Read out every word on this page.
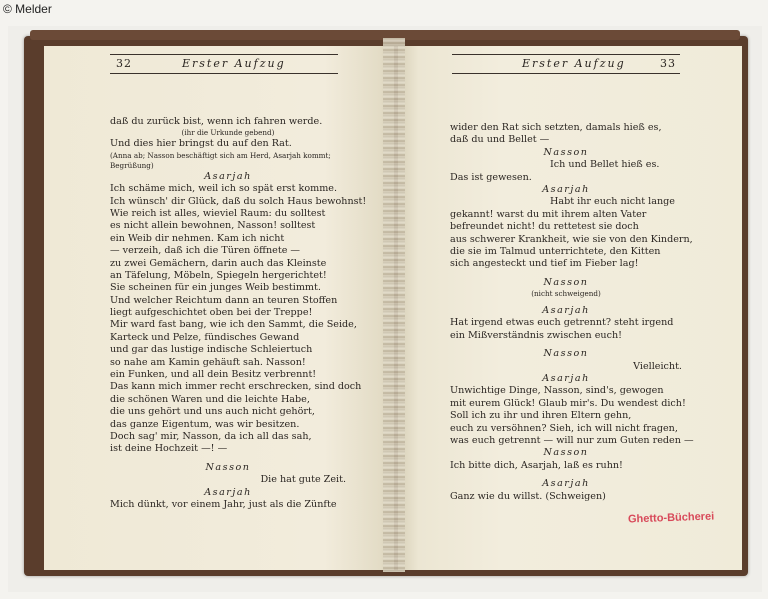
© Melder
32	Erster Aufzug	Erster Aufzug	33
daß du zurück bist, wenn ich fahren werde.
(ihr die Urkunde gebend)
Und dies hier bringst du auf den Rat.
(Anna ab; Nasson beschäftigt sich am Herd, Asarjah kommt;
Begrüßung)
Asarjah
Ich schäme mich, weil ich so spät erst komme.
Ich wünsch' dir Glück, daß du solch Haus bewohnst!
Wie reich ist alles, wieviel Raum: du solltest
es nicht allein bewohnen, Nasson! solltest
ein Weib dir nehmen. Kam ich nicht
— verzeih, daß ich die Türen öffnete —
zu zwei Gemächern, darin auch das Kleinste
an Täfelung, Möbeln, Spiegeln hergerichtet!
Sie scheinen für ein junges Weib bestimmt.
Und welcher Reichtum dann an teuren Stoffen
liegt aufgeschichtet oben bei der Treppe!
Mir ward fast bang, wie ich den Sammt, die Seide,
Karteck und Pelze, fündisches Gewand
und gar das lustige indische Schleiertuch
so nahe am Kamin gehäuft sah. Nasson!
ein Funken, und all dein Besitz verbrennt!
Das kann mich immer recht erschrecken, sind doch
die schönen Waren und die leichte Habe,
die uns gehört und uns auch nicht gehört,
das ganze Eigentum, was wir besitzen.
Doch sag' mir, Nasson, da ich all das sah,
ist deine Hochzeit —! —
Nasson
Die hat gute Zeit.
Asarjah
Mich dünkt, vor einem Jahr, just als die Zünfte
wider den Rat sich setzten, damals hieß es,
daß du und Bellet —
Nasson
Ich und Bellet hieß es.
Das ist gewesen.
Asarjah
Habt ihr euch nicht lange
gekannt! warst du mit ihrem alten Vater
befreundet nicht! du rettetest sie doch
aus schwerer Krankheit, wie sie von den Kindern,
die sie im Talmud unterrichtete, den Kitten
sich angesteckt und tief im Fieber lag!
Nasson
(nicht schweigend)
Asarjah
Hat irgend etwas euch getrennt? steht irgend
ein Mißverständnis zwischen euch!
Nasson
Vielleicht.
Asarjah
Unwichtige Dinge, Nasson, sind's, gewogen
mit eurem Glück! Glaub mir's. Du wendest dich!
Soll ich zu ihr und ihren Eltern gehn,
euch zu versöhnen? Sieh, ich will nicht fragen,
was euch getrennt — will nur zum Guten reden —
Nasson
Ich bitte dich, Asarjah, laß es ruhn!
Asarjah
Ganz wie du willst. (Schweigen)
Ghetto-Bücherei
